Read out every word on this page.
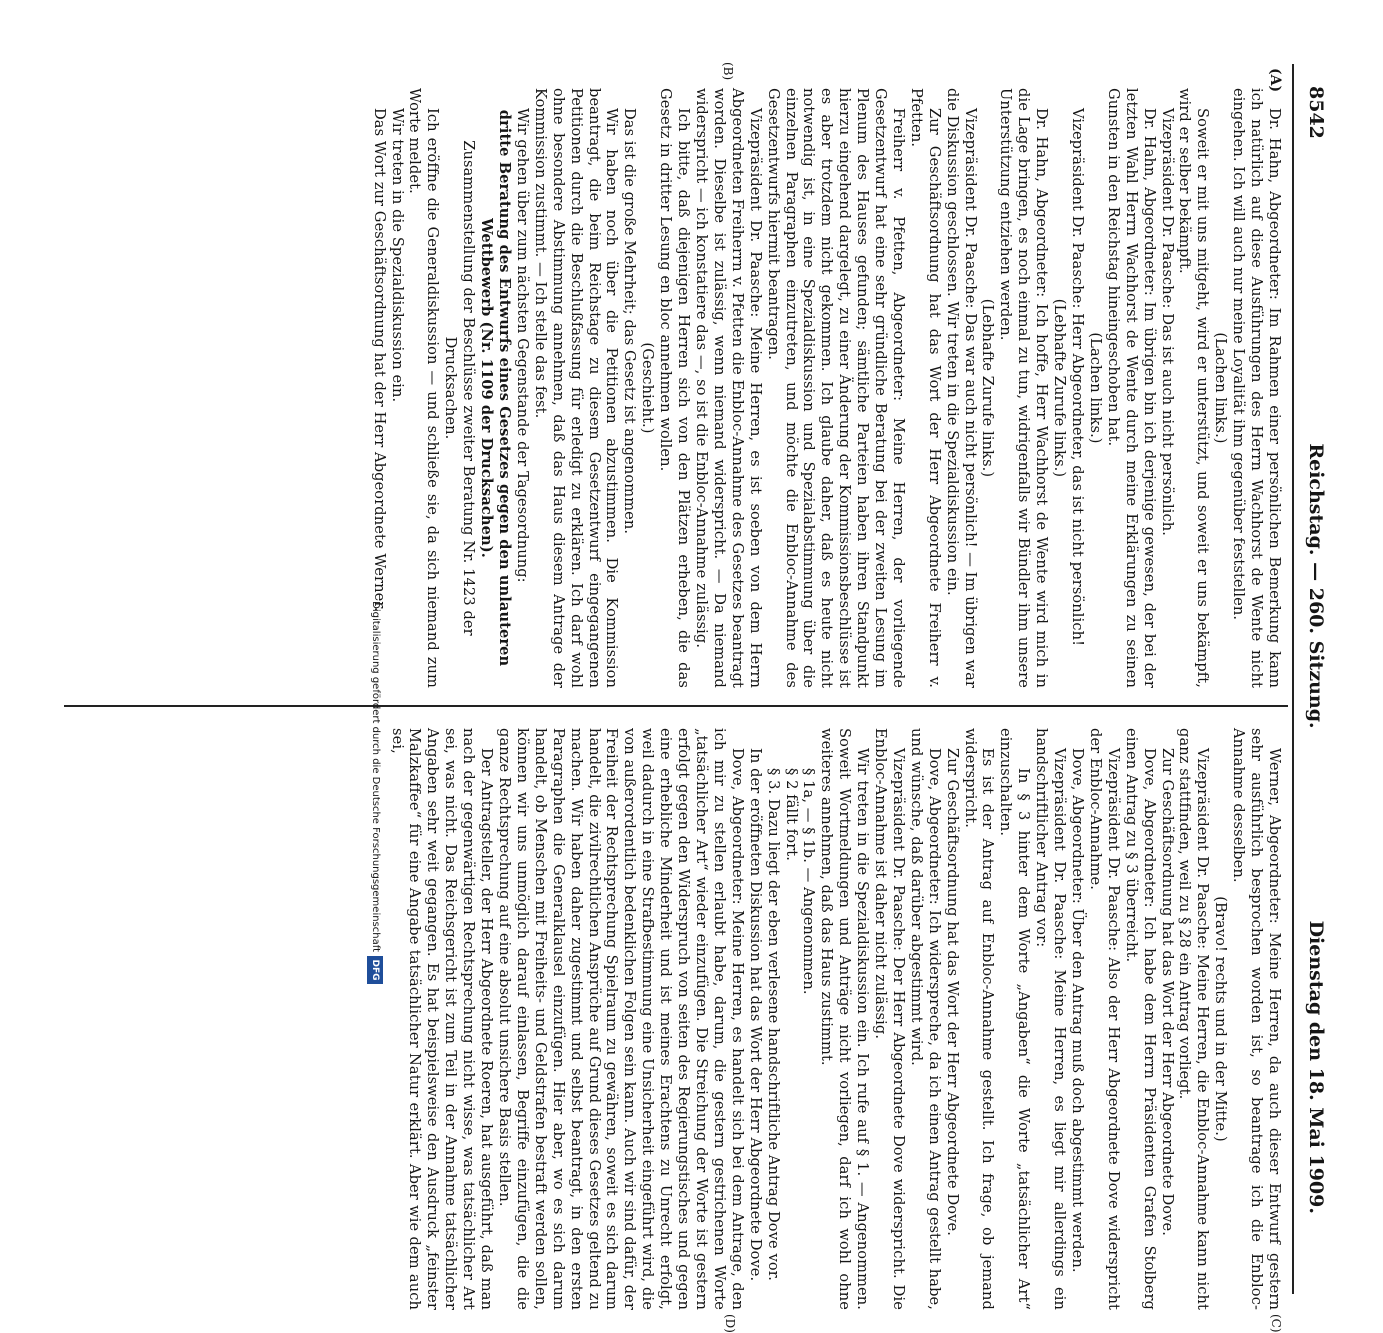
8542
Reichstag. — 260. Sitzung.
Dienstag den 18. Mai 1909.
(A)
(B)
(C)
(D)

Dr. Hahn, Abgeordneter: Im Rahmen einer persönlichen Bemerkung kann ich natürlich auf diese Ausführungen des Herrn Wachhorst de Wente nicht eingehen. Ich will auch nur meine Loyalität ihm gegenüber feststellen.

(Lachen links.)

Soweit er mit uns mitgeht, wird er unterstützt, und soweit er uns bekämpft, wird er selber bekämpft.

Vizepräsident Dr. Paasche: Das ist auch nicht persönlich.

Dr. Hahn, Abgeordneter: Im übrigen bin ich derjenige gewesen, der bei der letzten Wahl Herrn Wachhorst de Wente durch meine Erklärungen zu seinen Gunsten in den Reichstag hineingeschoben hat.

(Lachen links.)

Vizepräsident Dr. Paasche: Herr Abgeordneter, das ist nicht persönlich!

(Lebhafte Zurufe links.)

Dr. Hahn, Abgeordneter: Ich hoffe, Herr Wachhorst de Wente wird mich in die Lage bringen, es noch einmal zu tun, widrigenfalls wir Bündler ihm unsere Unterstützung entziehen werden.

(Lebhafte Zurufe links.)

Vizepräsident Dr. Paasche: Das war auch nicht persönlich! — Im übrigen war die Diskussion geschlossen. Wir treten in die Spezialdiskussion ein.

Zur Geschäftsordnung hat das Wort der Herr Abgeordnete Freiherr v. Pfetten.

Freiherr v. Pfetten, Abgeordneter: Meine Herren, der vorliegende Gesetzentwurf hat eine sehr gründliche Beratung bei der zweiten Lesung im Plenum des Hauses gefunden; sämtliche Parteien haben ihren Standpunkt hierzu eingehend dargelegt, zu einer Änderung der Kommissionsbeschlüsse ist es aber trotzdem nicht gekommen. Ich glaube daher, daß es heute nicht notwendig ist, in eine Spezialdiskussion und Spezialabstimmung über die einzelnen Paragraphen einzutreten, und möchte die Enbloc-Annahme des Gesetzentwurfs hiermit beantragen.

Vizepräsident Dr. Paasche: Meine Herren, es ist soeben von dem Herrn Abgeordneten Freiherrn v. Pfetten die Enbloc-Annahme des Gesetzes beantragt worden. Dieselbe ist zulässig, wenn niemand widerspricht. — Da niemand widerspricht — ich konstatiere das —, so ist die Enbloc-Annahme zulässig.

Ich bitte, daß diejenigen Herren sich von den Plätzen erheben, die das Gesetz in dritter Lesung en bloc annehmen wollen.

(Geschieht.)

Das ist die große Mehrheit; das Gesetz ist angenommen.

Wir haben noch über die Petitionen abzustimmen. Die Kommission beantragt, die beim Reichstage zu diesem Gesetzentwurf eingegangenen Petitionen durch die Beschlußfassung für erledigt zu erklären. Ich darf wohl ohne besondere Abstimmung annehmen, daß das Haus diesem Antrage der Kommission zustimmt. — Ich stelle das fest.

Wir gehen über zum nächsten Gegenstande der Tagesordnung:

dritte Beratung des Entwurfs eines Gesetzes gegen den unlauteren Wettbewerb (Nr. 1109 der Drucksachen).

Zusammenstellung der Beschlüsse zweiter Beratung Nr. 1423 der Drucksachen.

Ich eröffne die Generaldiskussion — und schließe sie, da sich niemand zum Worte meldet.

Wir treten in die Spezialdiskussion ein.

Das Wort zur Geschäftsordnung hat der Herr Abgeordnete Werner.

Werner, Abgeordneter: Meine Herren, da auch dieser Entwurf gestern sehr ausführlich besprochen worden ist, so beantrage ich die Enbloc-Annahme desselben.

(Bravo! rechts und in der Mitte.)

Vizepräsident Dr. Paasche: Meine Herren, die Enbloc-Annahme kann nicht ganz stattfinden, weil zu § 28 ein Antrag vorliegt.

Zur Geschäftsordnung hat das Wort der Herr Abgeordnete Dove.

Dove, Abgeordneter: Ich habe dem Herrn Präsidenten Grafen Stolberg einen Antrag zu § 3 überreicht.

Vizepräsident Dr. Paasche: Also der Herr Abgeordnete Dove widerspricht der Enbloc-Annahme.

Dove, Abgeordneter: Über den Antrag muß doch abgestimmt werden.

Vizepräsident Dr. Paasche: Meine Herren, es liegt mir allerdings ein handschriftlicher Antrag vor:

In § 3 hinter dem Worte „Angaben“ die Worte „tatsächlicher Art“ einzuschalten.

Es ist der Antrag auf Enbloc-Annahme gestellt. Ich frage, ob jemand widerspricht.

Zur Geschäftsordnung hat das Wort der Herr Abgeordnete Dove.

Dove, Abgeordneter: Ich widerspreche, da ich einen Antrag gestellt habe, und wünsche, daß darüber abgestimmt wird.

Vizepräsident Dr. Paasche: Der Herr Abgeordnete Dove widerspricht. Die Enbloc-Annahme ist daher nicht zulässig.

Wir treten in die Spezialdiskussion ein. Ich rufe auf § 1. — Angenommen. Soweit Wortmeldungen und Anträge nicht vorliegen, darf ich wohl ohne weiteres annehmen, daß das Haus zustimmt.

§ 1a, — § 1b. — Angenommen.

§ 2 fällt fort.

§ 3. Dazu liegt der eben verlesene handschriftliche Antrag Dove vor.

In der eröffneten Diskussion hat das Wort der Herr Abgeordnete Dove.

Dove, Abgeordneter: Meine Herren, es handelt sich bei dem Antrage, den ich mir zu stellen erlaubt habe, darum, die gestern gestrichenen Worte „tatsächlicher Art“ wieder einzufügen. Die Streichung der Worte ist gestern erfolgt gegen den Widerspruch von seiten des Regierungstisches und gegen eine erhebliche Minderheit und ist meines Erachtens zu Unrecht erfolgt, weil dadurch in eine Strafbestimmung eine Unsicherheit eingeführt wird, die von außerordentlich bedenklichen Folgen sein kann. Auch wir sind dafür, der Freiheit der Rechtsprechung Spielraum zu gewähren, soweit es sich darum handelt, die zivilrechtlichen Ansprüche auf Grund dieses Gesetzes geltend zu machen. Wir haben daher zugestimmt und selbst beantragt, in den ersten Paragraphen die Generalklausel einzufügen. Hier aber, wo es sich darum handelt, ob Menschen mit Freiheits- und Geldstrafen bestraft werden sollen, können wir uns unmöglich darauf einlassen, Begriffe einzufügen, die die ganze Rechtsprechung auf eine absolut unsichere Basis stellen.

Der Antragsteller, der Herr Abgeordnete Roeren, hat ausgeführt, daß man nach der gegenwärtigen Rechtsprechung nicht wisse, was tatsächlicher Art sei, was nicht. Das Reichsgericht ist zum Teil in der Annahme tatsächlicher Angaben sehr weit gegangen. Es hat beispielsweise den Ausdruck „feinster Malzkaffee“ für eine Angabe tatsächlicher Natur erklärt. Aber wie dem auch sei,

Digitalisierung gefördert durch die Deutsche Forschungsgemeinschaft
DFG
